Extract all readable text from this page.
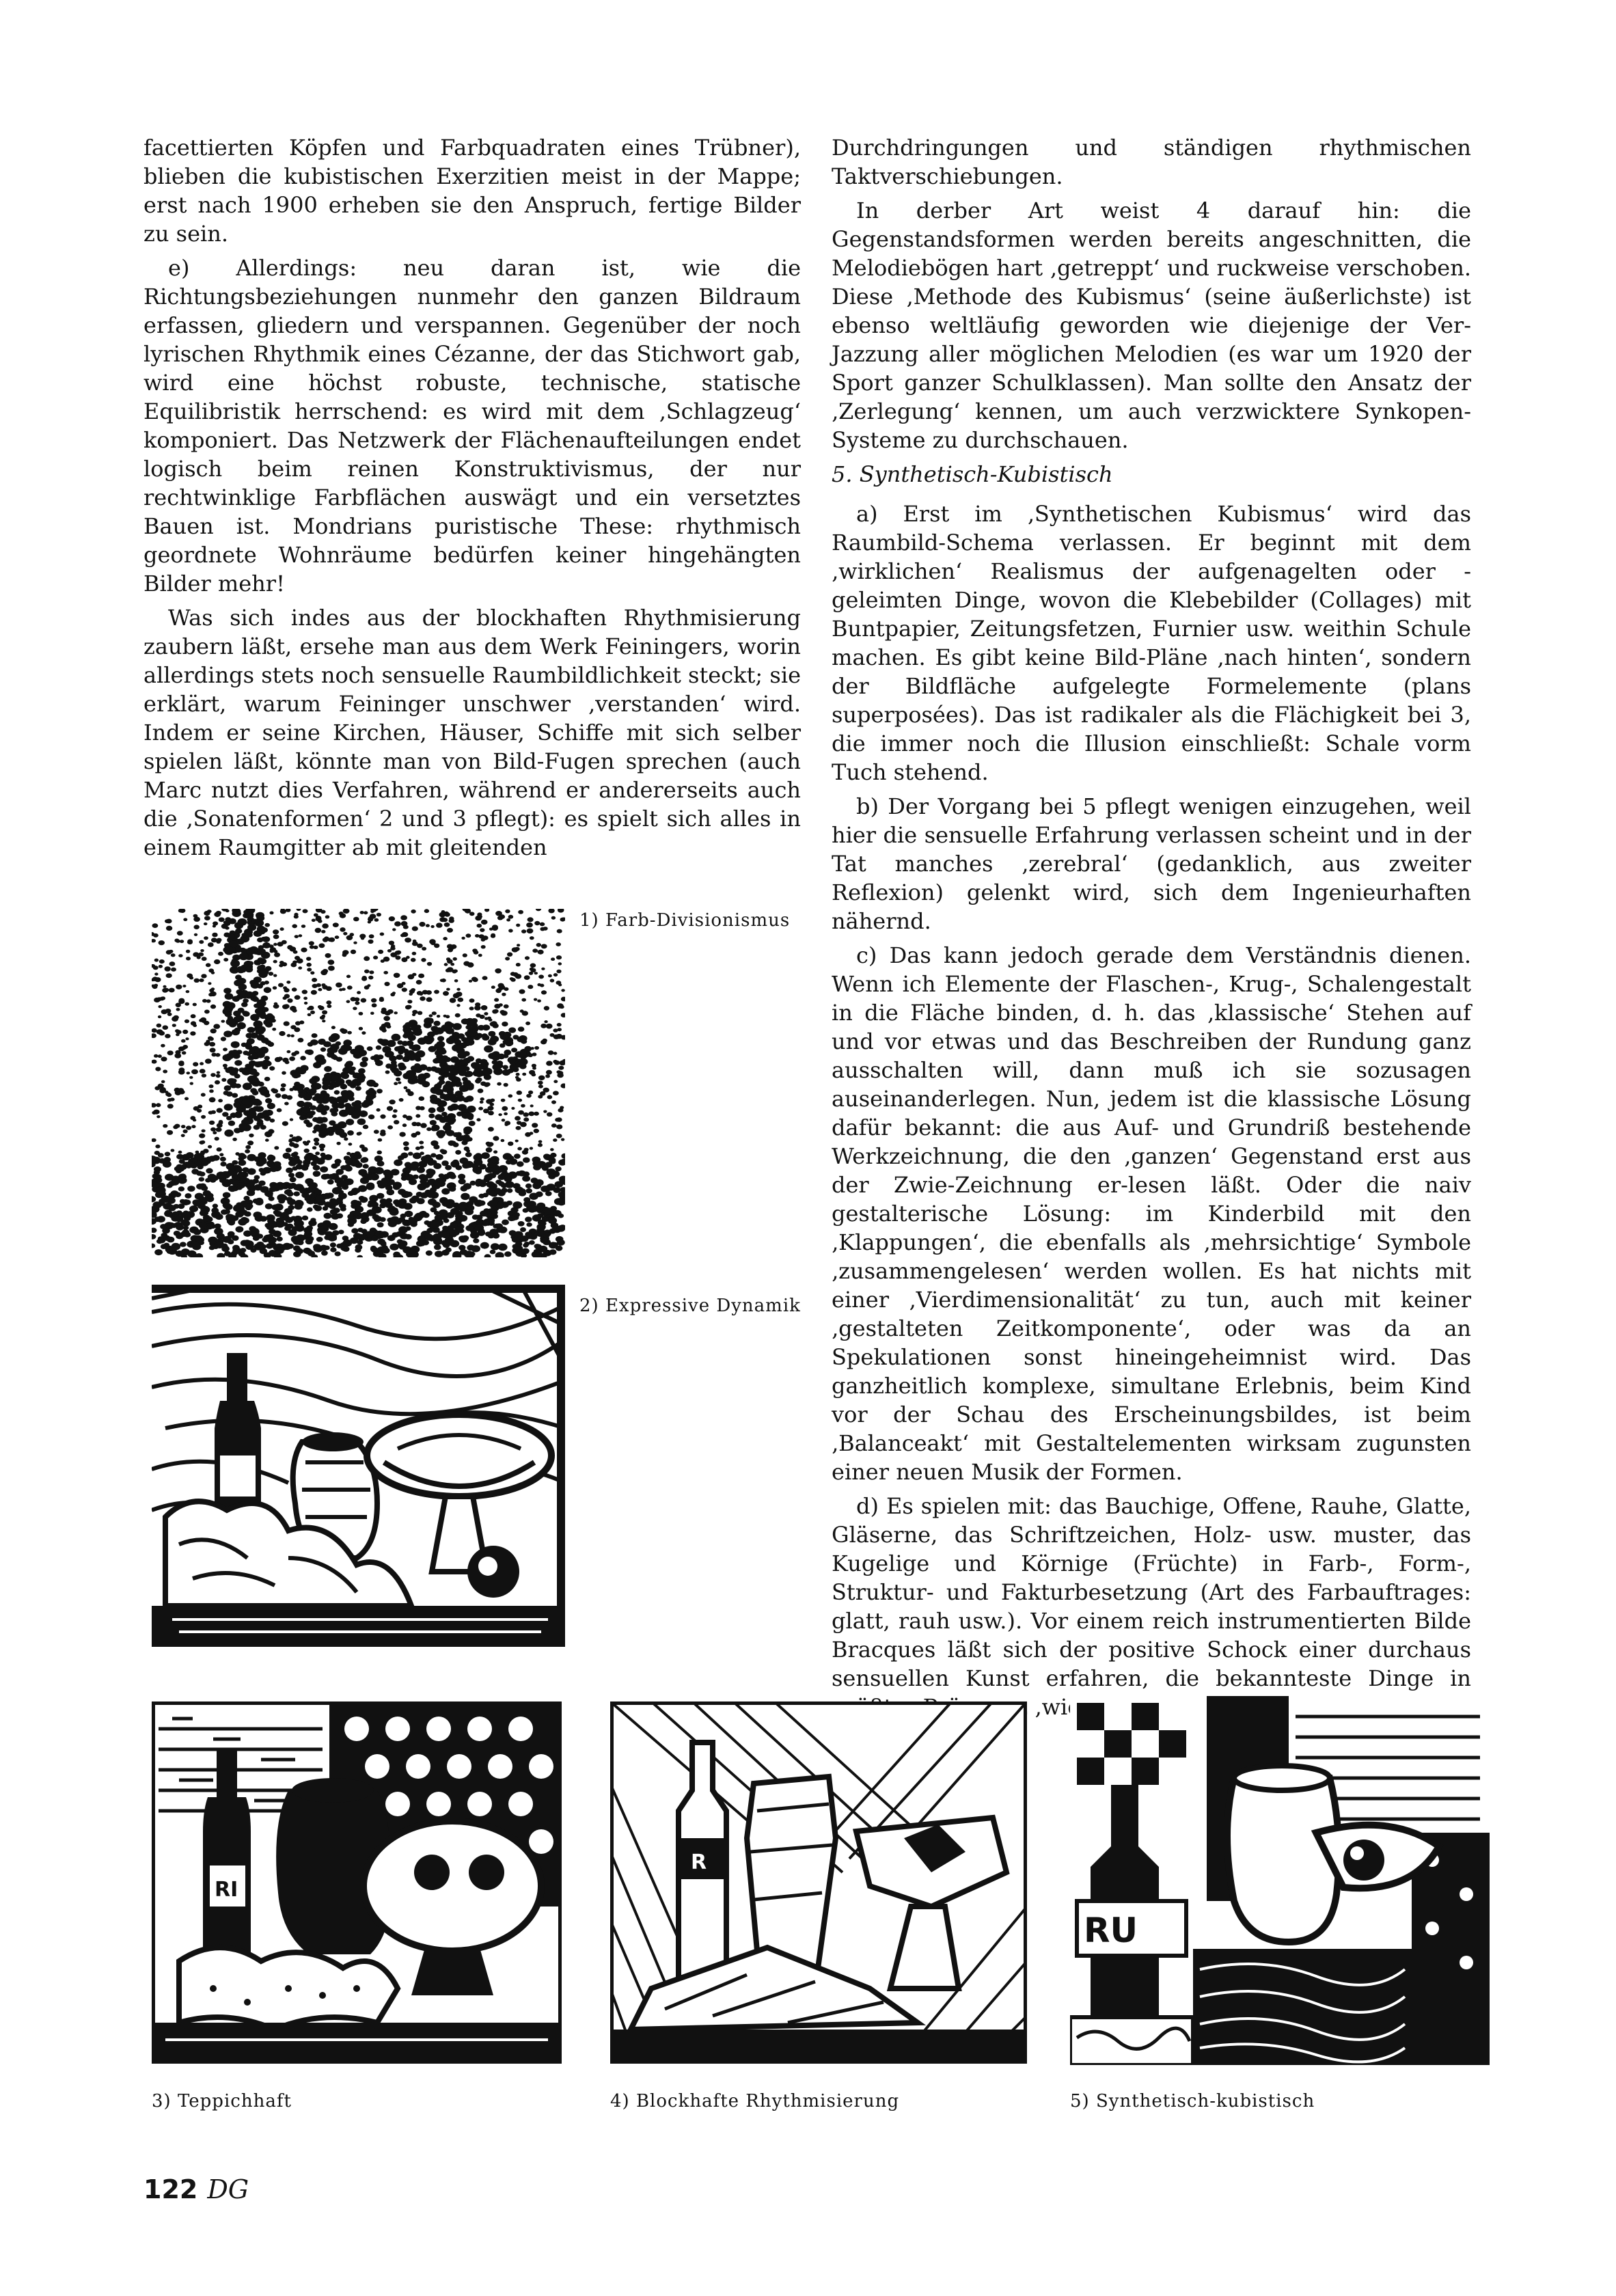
facettierten Köpfen und Farbquadraten eines Trübner), blieben die kubistischen Exerzitien meist in der Mappe; erst nach 1900 erheben sie den Anspruch, fertige Bilder zu sein.

e) Allerdings: neu daran ist, wie die Richtungsbeziehungen nunmehr den ganzen Bildraum erfassen, gliedern und verspannen. Gegenüber der noch lyrischen Rhythmik eines Cézanne, der das Stichwort gab, wird eine höchst robuste, technische, statische Equilibristik herrschend: es wird mit dem ‚Schlagzeug‘ komponiert. Das Netzwerk der Flächenaufteilungen endet logisch beim reinen Konstruktivismus, der nur rechtwinklige Farbflächen auswägt und ein versetztes Bauen ist. Mondrians puristische These: rhythmisch geordnete Wohnräume bedürfen keiner hingehängten Bilder mehr!

Was sich indes aus der blockhaften Rhythmisierung zaubern läßt, ersehe man aus dem Werk Feiningers, worin allerdings stets noch sensuelle Raumbildlichkeit steckt; sie erklärt, warum Feininger unschwer ‚verstanden‘ wird. Indem er seine Kirchen, Häuser, Schiffe mit sich selber spielen läßt, könnte man von Bild-Fugen sprechen (auch Marc nutzt dies Verfahren, während er andererseits auch die ‚Sonatenformen‘ 2 und 3 pflegt): es spielt sich alles in einem Raumgitter ab mit gleitenden

Durchdringungen und ständigen rhythmischen Taktverschiebungen.

In derber Art weist 4 darauf hin: die Gegenstandsformen werden bereits angeschnitten, die Melodiebögen hart ‚getreppt‘ und ruckweise verschoben. Diese ‚Methode des Kubismus‘ (seine äußerlichste) ist ebenso weltläufig geworden wie diejenige der Ver-Jazzung aller möglichen Melodien (es war um 1920 der Sport ganzer Schulklassen). Man sollte den Ansatz der ‚Zerlegung‘ kennen, um auch verzwicktere Synkopen-Systeme zu durchschauen.

5. Synthetisch-Kubistisch

a) Erst im ‚Synthetischen Kubismus‘ wird das Raumbild-Schema verlassen. Er beginnt mit dem ‚wirklichen‘ Realismus der aufgenagelten oder -geleimten Dinge, wovon die Klebebilder (Collages) mit Buntpapier, Zeitungsfetzen, Furnier usw. weithin Schule machen. Es gibt keine Bild-Pläne ‚nach hinten‘, sondern der Bildfläche aufgelegte Formelemente (plans superposées). Das ist radikaler als die Flächigkeit bei 3, die immer noch die Illusion einschließt: Schale vorm Tuch stehend.

b) Der Vorgang bei 5 pflegt wenigen einzugehen, weil hier die sensuelle Erfahrung verlassen scheint und in der Tat manches ‚zerebral‘ (gedanklich, aus zweiter Reflexion) gelenkt wird, sich dem Ingenieurhaften nähernd.

c) Das kann jedoch gerade dem Verständnis dienen. Wenn ich Elemente der Flaschen-, Krug-, Schalengestalt in die Fläche binden, d. h. das ‚klassische‘ Stehen auf und vor etwas und das Beschreiben der Rundung ganz ausschalten will, dann muß ich sie sozusagen auseinanderlegen. Nun, jedem ist die klassische Lösung dafür bekannt: die aus Auf- und Grundriß bestehende Werkzeichnung, die den ‚ganzen‘ Gegenstand erst aus der Zwie-Zeichnung er-lesen läßt. Oder die naiv gestalterische Lösung: im Kinderbild mit den ‚Klappungen‘, die ebenfalls als ‚mehrsichtige‘ Symbole ‚zusammengelesen‘ werden wollen. Es hat nichts mit einer ‚Vierdimensionalität‘ zu tun, auch mit keiner ‚gestalteten Zeitkomponente‘, oder was da an Spekulationen sonst hineingeheimnist wird. Das ganzheitlich komplexe, simultane Erlebnis, beim Kind vor der Schau des Erscheinungsbildes, ist beim ‚Balanceakt‘ mit Gestaltelementen wirksam zugunsten einer neuen Musik der Formen.

d) Es spielen mit: das Bauchige, Offene, Rauhe, Glatte, Gläserne, das Schriftzeichen, Holz- usw. muster, das Kugelige und Körnige (Früchte) in Farb-, Form-, Struktur- und Fakturbesetzung (Art des Farbauftrages: glatt, rauh usw.). Vor einem reich instrumentierten Bilde Bracques läßt sich der positive Schock einer durchaus sensuellen Kunst erfahren, die bekannteste Dinge in ‚wie

1) Farb-Divisionismus
2) Expressive Dynamik
RI
3) Teppichhaft
R
4) Blockhafte Rhythmisierung
RU
5) Synthetisch-kubistisch
122 DG
